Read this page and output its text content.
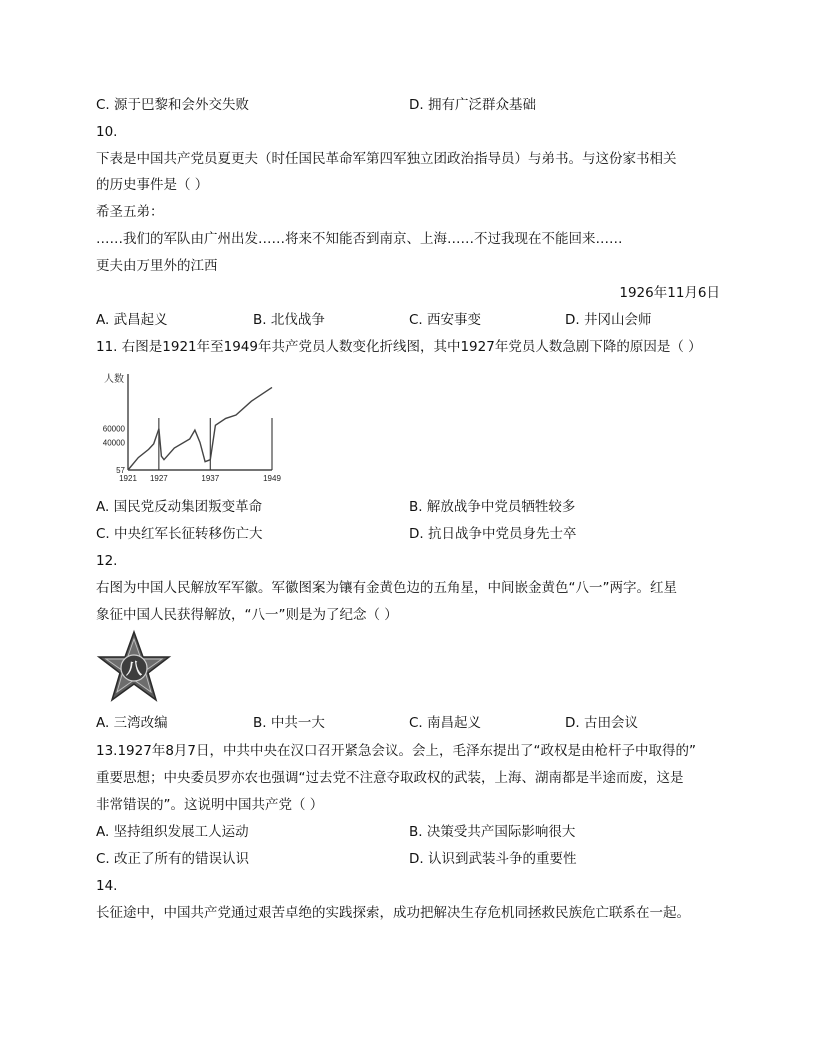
C. 源于巴黎和会外交失败	D. 拥有广泛群众基础
10.
下表是中国共产党员夏更夫（时任国民革命军第四军独立团政治指导员）与弟书。与这份家书相关
的历史事件是（ ）
希圣五弟：
……我们的军队由广州出发……将来不知能否到南京、上海……不过我现在不能回来……
更夫由万里外的江西
1926年11月6日
A. 武昌起义	B. 北伐战争	C. 西安事变	D. 井冈山会师
11. 右图是1921年至1949年共产党员人数变化折线图，其中1927年党员人数急剧下降的原因是（ ）
人数
57
40000
60000
1921 1927	1937	1949
A. 国民党反动集团叛变革命	B. 解放战争中党员牺牲较多
C. 中央红军长征转移伤亡大	D. 抗日战争中党员身先士卒
12.
右图为中国人民解放军军徽。军徽图案为镶有金黄色边的五角星，中间嵌金黄色“八一”两字。红星
象征中国人民获得解放，“八一”则是为了纪念（ ）
八
A. 三湾改编	B. 中共一大	C. 南昌起义	D. 古田会议
13.1927年8月7日，中共中央在汉口召开紧急会议。会上，毛泽东提出了“政权是由枪杆子中取得的”
重要思想；中央委员罗亦农也强调“过去党不注意夺取政权的武装，上海、湖南都是半途而废，这是
非常错误的”。这说明中国共产党（ ）
A. 坚持组织发展工人运动	B. 决策受共产国际影响很大
C. 改正了所有的错误认识	D. 认识到武装斗争的重要性
14.
长征途中，中国共产党通过艰苦卓绝的实践探索，成功把解决生存危机同拯救民族危亡联系在一起。
